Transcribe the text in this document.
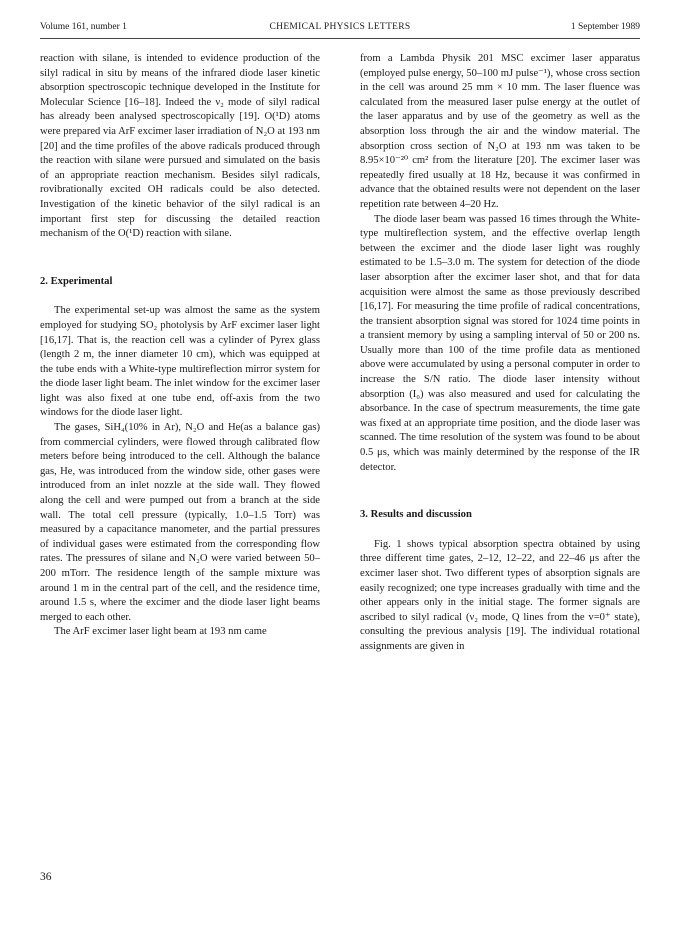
Volume 161, number 1	CHEMICAL PHYSICS LETTERS	1 September 1989

reaction with silane, is intended to evidence production of the silyl radical in situ by means of the infrared diode laser kinetic absorption spectroscopic technique developed in the Institute for Molecular Science [16–18]. Indeed the ν₂ mode of silyl radical has already been analysed spectroscopically [19]. O(¹D) atoms were prepared via ArF excimer laser irradiation of N₂O at 193 nm [20] and the time profiles of the above radicals produced through the reaction with silane were pursued and simulated on the basis of an appropriate reaction mechanism. Besides silyl radicals, rovibrationally excited OH radicals could be also detected. Investigation of the kinetic behavior of the silyl radical is an important first step for discussing the detailed reaction mechanism of the O(¹D) reaction with silane.

2. Experimental

The experimental set-up was almost the same as the system employed for studying SO₂ photolysis by ArF excimer laser light [16,17]. That is, the reaction cell was a cylinder of Pyrex glass (length 2 m, the inner diameter 10 cm), which was equipped at the tube ends with a White-type multireflection mirror system for the diode laser light beam. The inlet window for the excimer laser light was also fixed at one tube end, off-axis from the two windows for the diode laser light.

The gases, SiH₄(10% in Ar), N₂O and He(as a balance gas) from commercial cylinders, were flowed through calibrated flow meters before being introduced to the cell. Although the balance gas, He, was introduced from the window side, other gases were introduced from an inlet nozzle at the side wall. They flowed along the cell and were pumped out from a branch at the side wall. The total cell pressure (typically, 1.0–1.5 Torr) was measured by a capacitance manometer, and the partial pressures of individual gases were estimated from the corresponding flow rates. The pressures of silane and N₂O were varied between 50–200 mTorr. The residence length of the sample mixture was around 1 m in the central part of the cell, and the residence time, around 1.5 s, where the excimer and the diode laser light beams merged to each other.

The ArF excimer laser light beam at 193 nm came

from a Lambda Physik 201 MSC excimer laser apparatus (employed pulse energy, 50–100 mJ pulse⁻¹), whose cross section in the cell was around 25 mm × 10 mm. The laser fluence was calculated from the measured laser pulse energy at the outlet of the laser apparatus and by use of the geometry as well as the absorption loss through the air and the window material. The absorption cross section of N₂O at 193 nm was taken to be 8.95×10⁻²⁰ cm² from the literature [20]. The excimer laser was repeatedly fired usually at 18 Hz, because it was confirmed in advance that the obtained results were not dependent on the laser repetition rate between 4–20 Hz.

The diode laser beam was passed 16 times through the White-type multireflection system, and the effective overlap length between the excimer and the diode laser light was roughly estimated to be 1.5–3.0 m. The system for detection of the diode laser absorption after the excimer laser shot, and that for data acquisition were almost the same as those previously described [16,17]. For measuring the time profile of radical concentrations, the transient absorption signal was stored for 1024 time points in a transient memory by using a sampling interval of 50 or 200 ns. Usually more than 100 of the time profile data as mentioned above were accumulated by using a personal computer in order to increase the S/N ratio. The diode laser intensity without absorption (I₀) was also measured and used for calculating the absorbance. In the case of spectrum measurements, the time gate was fixed at an appropriate time position, and the diode laser was scanned. The time resolution of the system was found to be about 0.5 μs, which was mainly determined by the response of the IR detector.

3. Results and discussion

Fig. 1 shows typical absorption spectra obtained by using three different time gates, 2–12, 12–22, and 22–46 μs after the excimer laser shot. Two different types of absorption signals are easily recognized; one type increases gradually with time and the other appears only in the initial stage. The former signals are ascribed to silyl radical (ν₂ mode, Q lines from the v=0⁺ state), consulting the previous analysis [19]. The individual rotational assignments are given in

36
